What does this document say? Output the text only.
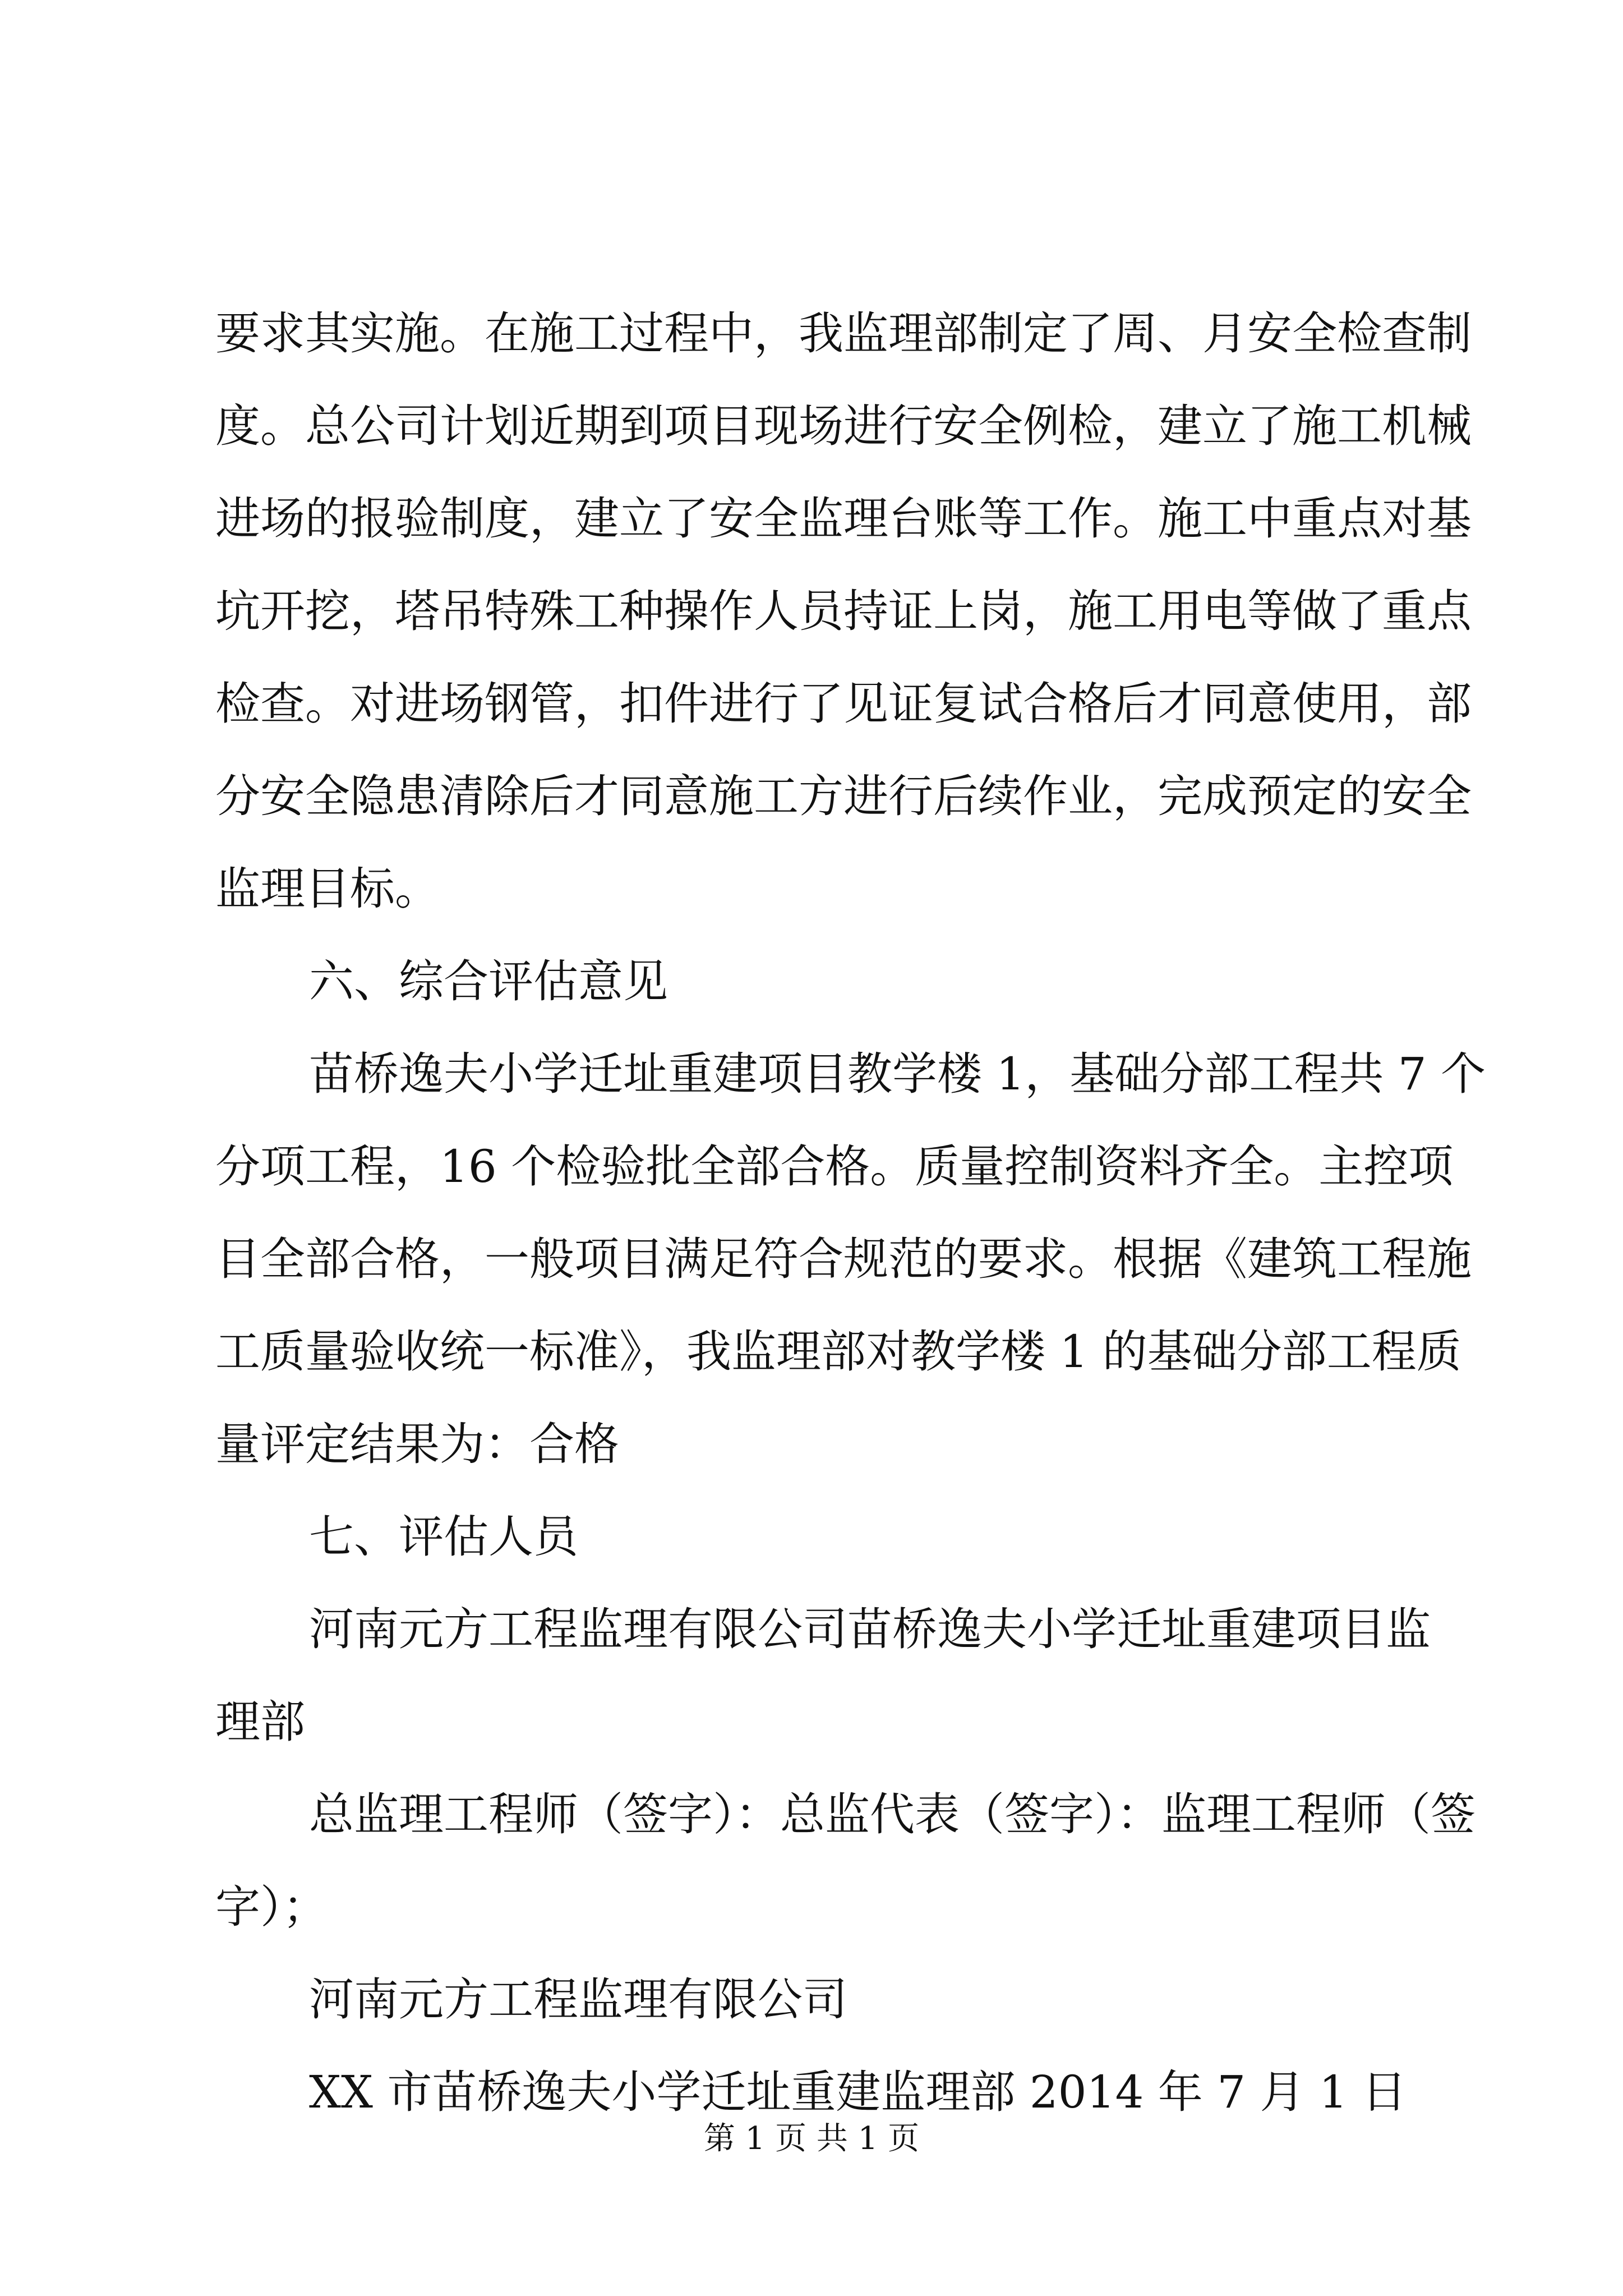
要求其实施。在施工过程中，我监理部制定了周、月安全检查制
度。总公司计划近期到项目现场进行安全例检，建立了施工机械
进场的报验制度，建立了安全监理台账等工作。施工中重点对基
坑开挖，塔吊特殊工种操作人员持证上岗，施工用电等做了重点
检查。对进场钢管，扣件进行了见证复试合格后才同意使用，部
分安全隐患清除后才同意施工方进行后续作业，完成预定的安全
监理目标。
六、综合评估意见
苗桥逸夫小学迁址重建项目教学楼 1，基础分部工程共 7 个
分项工程，16 个检验批全部合格。质量控制资料齐全。主控项
目全部合格，一般项目满足符合规范的要求。根据《建筑工程施
工质量验收统一标准》，我监理部对教学楼 1 的基础分部工程质
量评定结果为：合格
七、评估人员
河南元方工程监理有限公司苗桥逸夫小学迁址重建项目监
理部
总监理工程师（签字）：总监代表（签字）：监理工程师（签
字）；
河南元方工程监理有限公司
XX 市苗桥逸夫小学迁址重建监理部 2014 年 7 月 1 日
第 1 页 共 1 页
